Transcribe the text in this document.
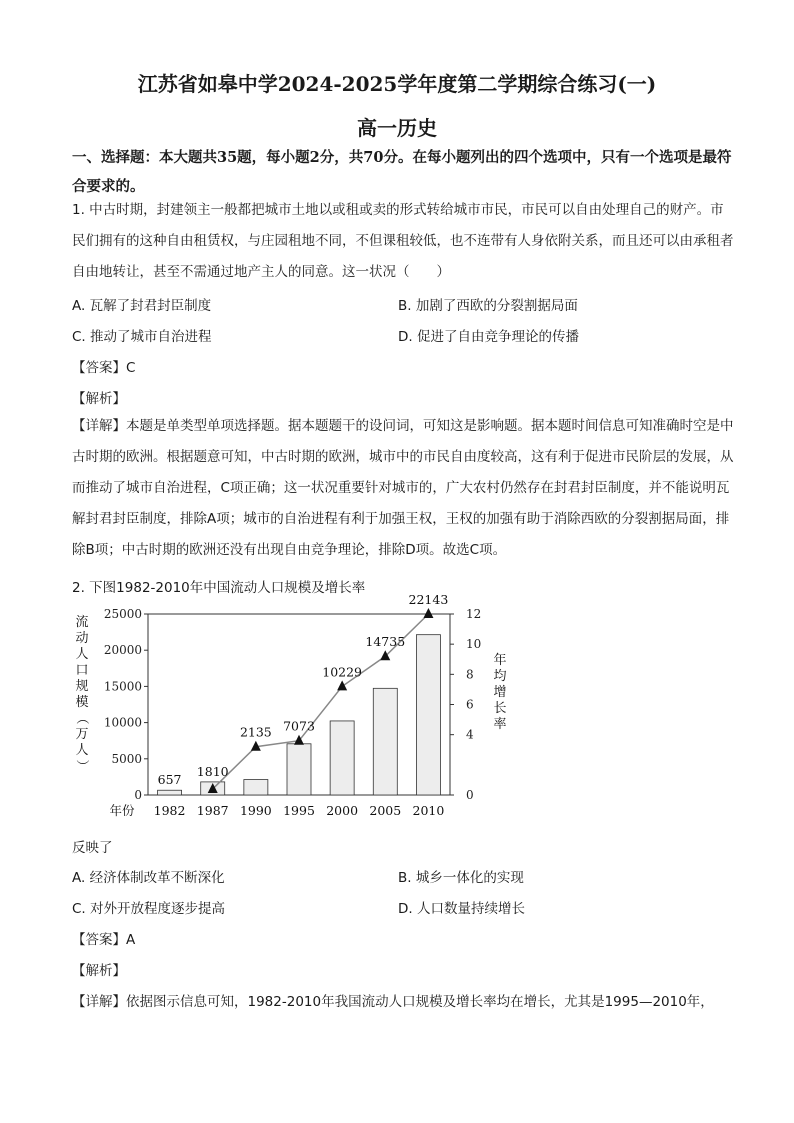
江苏省如皋中学2024-2025学年度第二学期综合练习(一)
高一历史
一、选择题：本大题共35题，每小题2分，共70分。在每小题列出的四个选项中，只有一个选项是最符合要求的。
1. 中古时期，封建领主一般都把城市土地以或租或卖的形式转给城市市民，市民可以自由处理自己的财产。市民们拥有的这种自由租赁权，与庄园租地不同，不但课租较低，也不连带有人身依附关系，而且还可以由承租者自由地转让，甚至不需通过地产主人的同意。这一状况（　　）
A. 瓦解了封君封臣制度	B. 加剧了西欧的分裂割据局面
C. 推动了城市自治进程	D. 促进了自由竞争理论的传播
【答案】C
【解析】
【详解】本题是单类型单项选择题。据本题题干的设问词，可知这是影响题。据本题时间信息可知准确时空是中古时期的欧洲。根据题意可知，中古时期的欧洲，城市中的市民自由度较高，这有利于促进市民阶层的发展，从而推动了城市自治进程，C项正确；这一状况重要针对城市的，广大农村仍然存在封君封臣制度，并不能说明瓦解封君封臣制度，排除A项；城市的自治进程有利于加强王权，王权的加强有助于消除西欧的分裂割据局面，排除B项；中古时期的欧洲还没有出现自由竞争理论，排除D项。故选C项。
2. 下图1982-2010年中国流动人口规模及增长率
0
5000
10000
15000
20000
25000
0
4
6
8
10
12
657
1810
2135 7073
10229
14735
22143
年份 1982 1987 1990 1995 2000 2005 2010
流
动
人
口
规
模
（
万
人
）
年
均
增
长
率
反映了
A. 经济体制改革不断深化	B. 城乡一体化的实现
C. 对外开放程度逐步提高	D. 人口数量持续增长
【答案】A
【解析】
【详解】依据图示信息可知，1982-2010年我国流动人口规模及增长率均在增长，尤其是1995—2010年，
